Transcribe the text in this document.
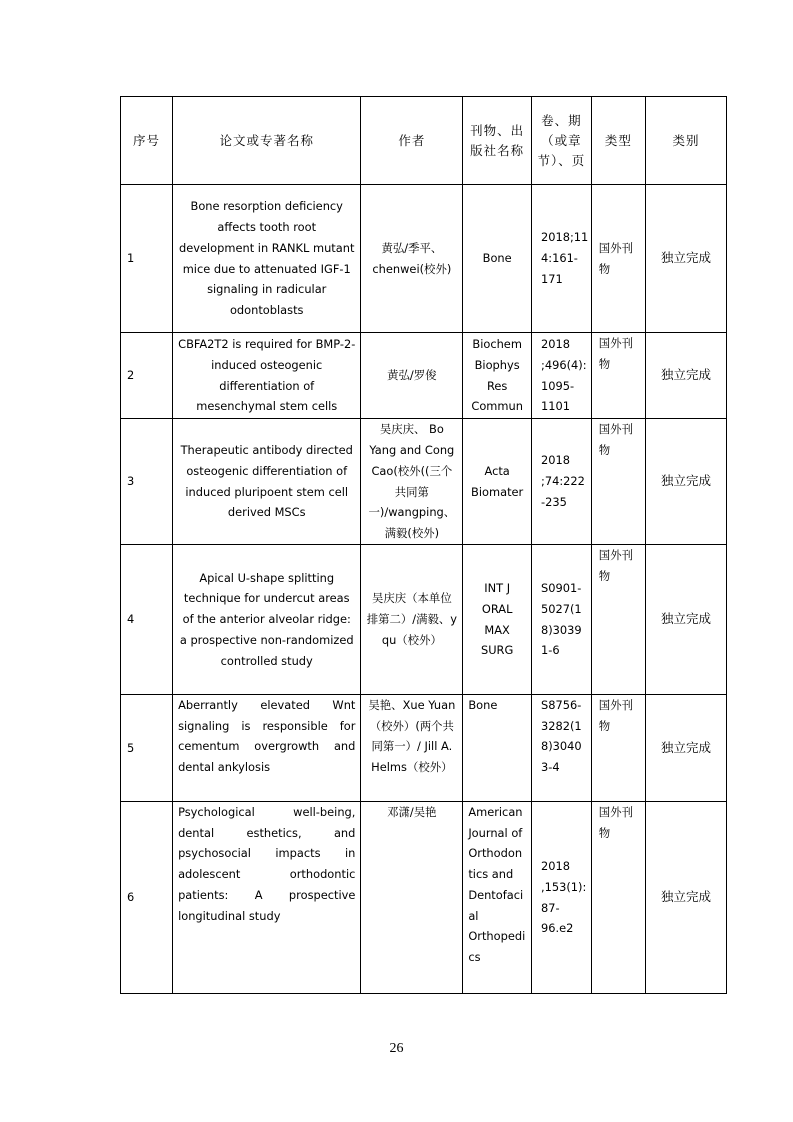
序号	论文或专著名称	作者	刊物、出版社名称	卷、期（或章节）、页	类型	类别
1	Bone resorption deficiency affects tooth root development in RANKL mutant mice due to attenuated IGF-1 signaling in radicular odontoblasts	黄弘/季平、chenwei(校外)	Bone	2018;114:161-171	国外刊物	独立完成
2	CBFA2T2 is required for BMP-2-induced osteogenic differentiation of mesenchymal stem cells	黄弘/罗俊	Biochem Biophys Res Commun	2018 ;496(4):1095-1101	国外刊物	独立完成
3	Therapeutic antibody directed osteogenic differentiation of induced pluripoent stem cell derived MSCs	吴庆庆、 Bo Yang and Cong Cao(校外((三个共同第一)/wangping、满毅(校外)	Acta Biomater	2018 ;74:222-235	国外刊物	独立完成
4	Apical U-shape splitting technique for undercut areas of the anterior alveolar ridge: a prospective non-randomized controlled study	吴庆庆（本单位排第二）/满毅、y qu（校外）	INT J ORAL MAX SURG	S0901-5027(18)30391-6	国外刊物	独立完成
5	Aberrantly elevated Wnt signaling is responsible for cementum overgrowth and dental ankylosis	吴艳、Xue Yuan（校外）(两个共同第一）/ Jill A. Helms（校外）	Bone	S8756-3282(18)30403-4	国外刊物	独立完成
6	Psychological well-being, dental esthetics, and psychosocial impacts in adolescent orthodontic patients: A prospective longitudinal study	邓潇/吴艳	American Journal of Orthodontics and Dentofacial Orthopedics	2018 ,153(1):87-96.e2	国外刊物	独立完成
26
